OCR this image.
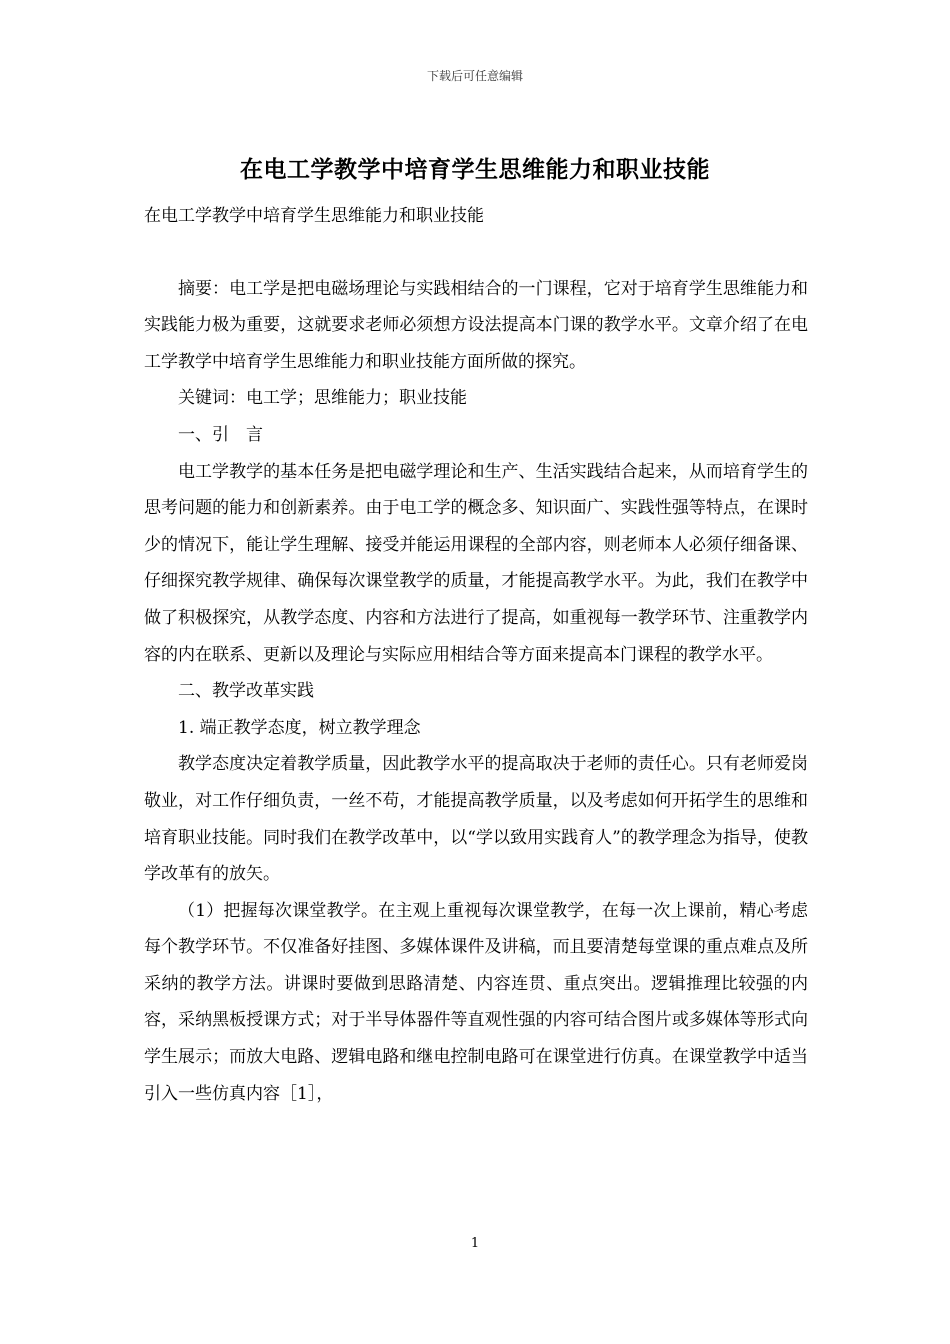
下载后可任意编辑
在电工学教学中培育学生思维能力和职业技能

在电工学教学中培育学生思维能力和职业技能

摘要：电工学是把电磁场理论与实践相结合的一门课程，它对于培育学生思维能力和实践能力极为重要，这就要求老师必须想方设法提高本门课的教学水平。文章介绍了在电工学教学中培育学生思维能力和职业技能方面所做的探究。

关键词：电工学；思维能力；职业技能

一、引　言

电工学教学的基本任务是把电磁学理论和生产、生活实践结合起来，从而培育学生的思考问题的能力和创新素养。由于电工学的概念多、知识面广、实践性强等特点，在课时少的情况下，能让学生理解、接受并能运用课程的全部内容，则老师本人必须仔细备课、仔细探究教学规律、确保每次课堂教学的质量，才能提高教学水平。为此，我们在教学中做了积极探究，从教学态度、内容和方法进行了提高，如重视每一教学环节、注重教学内容的内在联系、更新以及理论与实际应用相结合等方面来提高本门课程的教学水平。

二、教学改革实践

1. 端正教学态度，树立教学理念

教学态度决定着教学质量，因此教学水平的提高取决于老师的责任心。只有老师爱岗敬业，对工作仔细负责，一丝不苟，才能提高教学质量，以及考虑如何开拓学生的思维和培育职业技能。同时我们在教学改革中，以“学以致用实践育人”的教学理念为指导，使教学改革有的放矢。

（1）把握每次课堂教学。在主观上重视每次课堂教学，在每一次上课前，精心考虑每个教学环节。不仅准备好挂图、多媒体课件及讲稿，而且要清楚每堂课的重点难点及所采纳的教学方法。讲课时要做到思路清楚、内容连贯、重点突出。逻辑推理比较强的内容，采纳黑板授课方式；对于半导体器件等直观性强的内容可结合图片或多媒体等形式向学生展示；而放大电路、逻辑电路和继电控制电路可在课堂进行仿真。在课堂教学中适当引入一些仿真内容［1］，

1
